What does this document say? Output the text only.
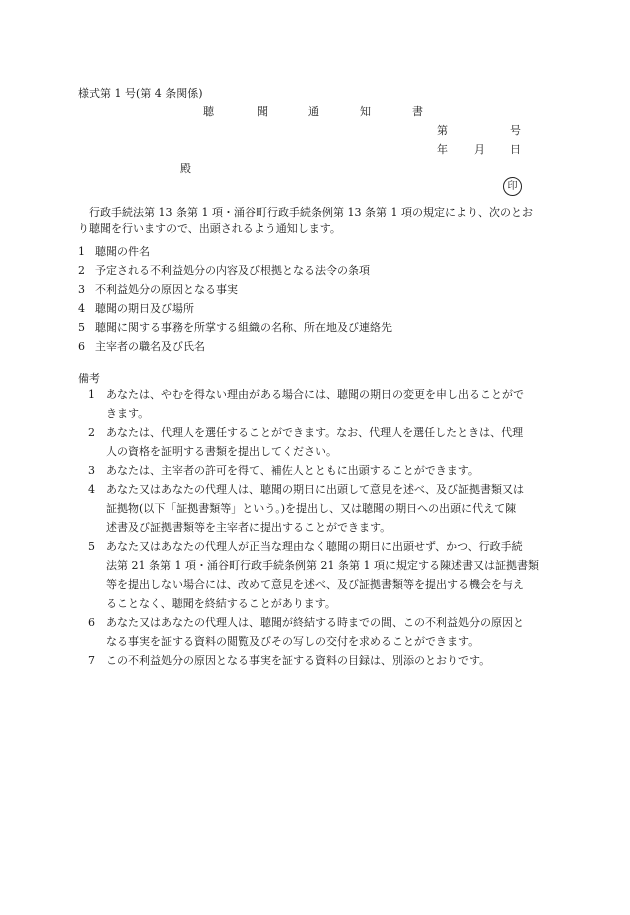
様式第 1 号(第 4 条関係)
聴	聞	通	知	書
第	号
年 月 日
殿
印

行政手続法第 13 条第 1 項・涌谷町行政手続条例第 13 条第 1 項の規定により、次のとお

り聴聞を行いますので、出頭されるよう通知します。

1 聴聞の件名
2 予定される不利益処分の内容及び根拠となる法令の条項
3 不利益処分の原因となる事実
4 聴聞の期日及び場所
5 聴聞に関する事務を所掌する組織の名称、所在地及び連絡先
6 主宰者の職名及び氏名
備考
1 あなたは、やむを得ない理由がある場合には、聴聞の期日の変更を申し出ることがで
きます。
2 あなたは、代理人を選任することができます。なお、代理人を選任したときは、代理
人の資格を証明する書類を提出してください。
3 あなたは、主宰者の許可を得て、補佐人とともに出頭することができます。
4 あなた又はあなたの代理人は、聴聞の期日に出頭して意見を述べ、及び証拠書類又は
証拠物(以下「証拠書類等」という。)を提出し、又は聴聞の期日への出頭に代えて陳
述書及び証拠書類等を主宰者に提出することができます。
5 あなた又はあなたの代理人が正当な理由なく聴聞の期日に出頭せず、かつ、行政手続
法第 21 条第 1 項・涌谷町行政手続条例第 21 条第 1 項に規定する陳述書又は証拠書類
等を提出しない場合には、改めて意見を述べ、及び証拠書類等を提出する機会を与え
ることなく、聴聞を終結することがあります。
6 あなた又はあなたの代理人は、聴聞が終結する時までの間、この不利益処分の原因と
なる事実を証する資料の閲覧及びその写しの交付を求めることができます。
7 この不利益処分の原因となる事実を証する資料の目録は、別添のとおりです。
